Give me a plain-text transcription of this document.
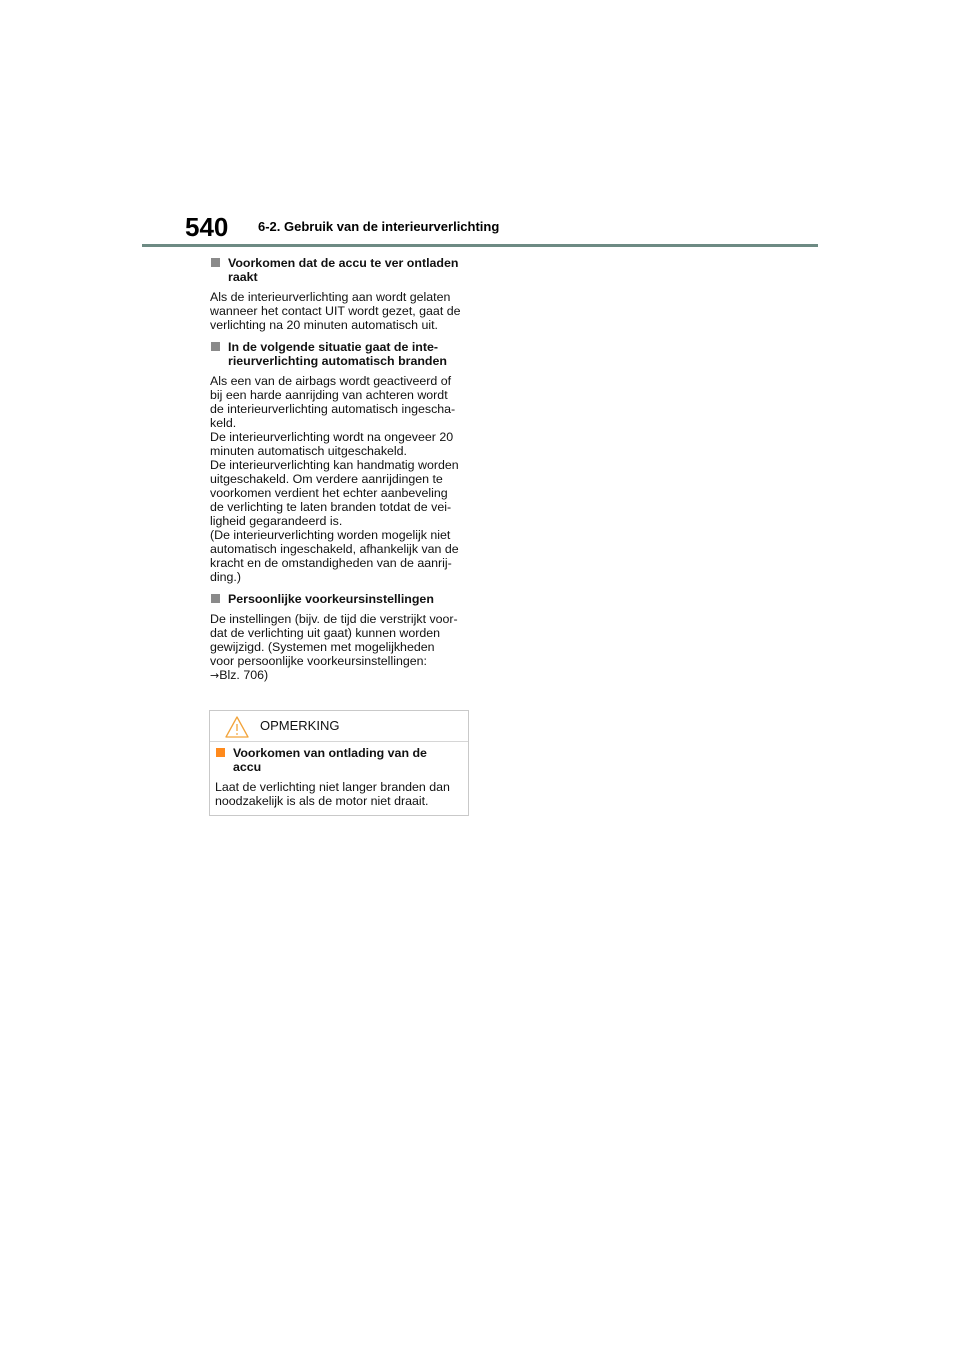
540 6-2. Gebruik van de interieurverlichting
Voorkomen dat de accu te ver ontladen
raakt
Als de interieurverlichting aan wordt gelaten
wanneer het contact UIT wordt gezet, gaat de
verlichting na 20 minuten automatisch uit.
In de volgende situatie gaat de inte-
rieurverlichting automatisch branden
Als een van de airbags wordt geactiveerd of
bij een harde aanrijding van achteren wordt
de interieurverlichting automatisch ingescha-
keld.
De interieurverlichting wordt na ongeveer 20
minuten automatisch uitgeschakeld.
De interieurverlichting kan handmatig worden
uitgeschakeld. Om verdere aanrijdingen te
voorkomen verdient het echter aanbeveling
de verlichting te laten branden totdat de vei-
ligheid gegarandeerd is.
(De interieurverlichting worden mogelijk niet
automatisch ingeschakeld, afhankelijk van de
kracht en de omstandigheden van de aanrij-
ding.)
Persoonlijke voorkeursinstellingen
De instellingen (bijv. de tijd die verstrijkt voor-
dat de verlichting uit gaat) kunnen worden
gewijzigd. (Systemen met mogelijkheden
voor persoonlijke voorkeursinstellingen:
→Blz. 706)
OPMERKING
Voorkomen van ontlading van de
accu
Laat de verlichting niet langer branden dan
noodzakelijk is als de motor niet draait.
